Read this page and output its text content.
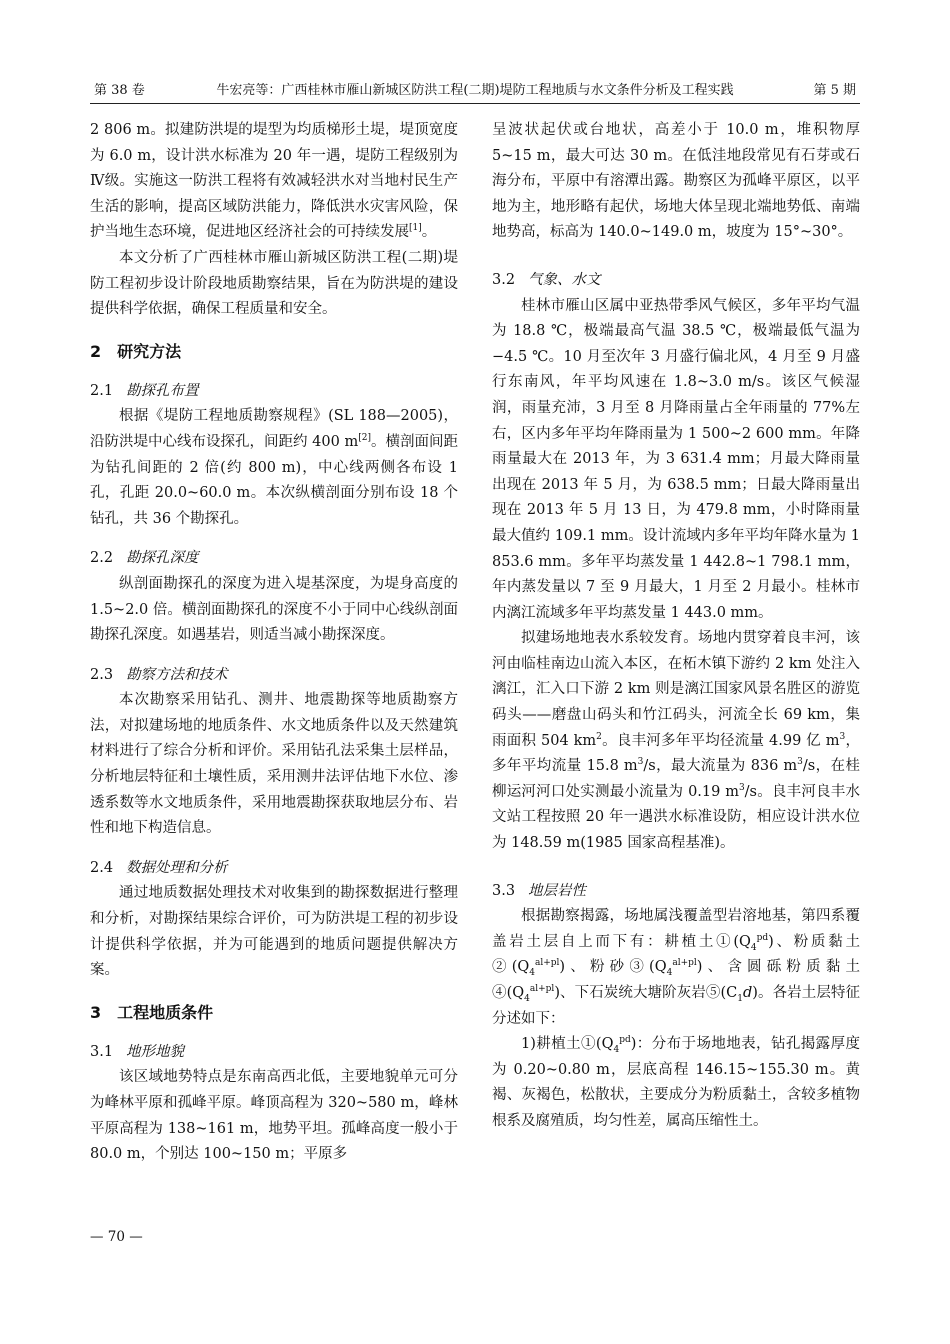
第 38 卷	牛宏亮等：广西桂林市雁山新城区防洪工程(二期)堤防工程地质与水文条件分析及工程实践	第 5 期

2 806 m。拟建防洪堤的堤型为均质梯形土堤，堤顶宽度为 6.0 m，设计洪水标准为 20 年一遇，堤防工程级别为Ⅳ级。实施这一防洪工程将有效减轻洪水对当地村民生产生活的影响，提高区域防洪能力，降低洪水灾害风险，保护当地生态环境，促进地区经济社会的可持续发展[1]。

本文分析了广西桂林市雁山新城区防洪工程(二期)堤防工程初步设计阶段地质勘察结果，旨在为防洪堤的建设提供科学依据，确保工程质量和安全。

2　研究方法
2.1 勘探孔布置

根据《堤防工程地质勘察规程》(SL 188—2005)，沿防洪堤中心线布设探孔，间距约 400 m[2]。横剖面间距为钻孔间距的 2 倍(约 800 m)，中心线两侧各布设 1 孔，孔距 20.0~60.0 m。本次纵横剖面分别布设 18 个钻孔，共 36 个勘探孔。

2.2 勘探孔深度

纵剖面勘探孔的深度为进入堤基深度，为堤身高度的 1.5~2.0 倍。横剖面勘探孔的深度不小于同中心线纵剖面勘探孔深度。如遇基岩，则适当减小勘探深度。

2.3 勘察方法和技术

本次勘察采用钻孔、测井、地震勘探等地质勘察方法，对拟建场地的地质条件、水文地质条件以及天然建筑材料进行了综合分析和评价。采用钻孔法采集土层样品，分析地层特征和土壤性质，采用测井法评估地下水位、渗透系数等水文地质条件，采用地震勘探获取地层分布、岩性和地下构造信息。

2.4 数据处理和分析

通过地质数据处理技术对收集到的勘探数据进行整理和分析，对勘探结果综合评价，可为防洪堤工程的初步设计提供科学依据，并为可能遇到的地质问题提供解决方案。

3　工程地质条件
3.1 地形地貌

该区域地势特点是东南高西北低，主要地貌单元可分为峰林平原和孤峰平原。峰顶高程为 320~580 m，峰林平原高程为 138~161 m，地势平坦。孤峰高度一般小于 80.0 m，个别达 100~150 m；平原多

呈波状起伏或台地状，高差小于 10.0 m，堆积物厚 5~15 m，最大可达 30 m。在低洼地段常见有石芽或石海分布，平原中有溶潭出露。勘察区为孤峰平原区，以平地为主，地形略有起伏，场地大体呈现北端地势低、南端地势高，标高为 140.0~149.0 m，坡度为 15°~30°。

3.2 气象、水文

桂林市雁山区属中亚热带季风气候区，多年平均气温为 18.8 ℃，极端最高气温 38.5 ℃，极端最低气温为−4.5 ℃。10 月至次年 3 月盛行偏北风，4 月至 9 月盛行东南风，年平均风速在 1.8~3.0 m/s。该区气候湿润，雨量充沛，3 月至 8 月降雨量占全年雨量的 77%左右，区内多年平均年降雨量为 1 500~2 600 mm。年降雨量最大在 2013 年，为 3 631.4 mm；月最大降雨量出现在 2013 年 5 月，为 638.5 mm；日最大降雨量出现在 2013 年 5 月 13 日，为 479.8 mm，小时降雨量最大值约 109.1 mm。设计流域内多年平均年降水量为 1 853.6 mm。多年平均蒸发量 1 442.8~1 798.1 mm，年内蒸发量以 7 至 9 月最大，1 月至 2 月最小。桂林市内漓江流域多年平均蒸发量 1 443.0 mm。

拟建场地地表水系较发育。场地内贯穿着良丰河，该河由临桂南边山流入本区，在柘木镇下游约 2 km 处注入漓江，汇入口下游 2 km 则是漓江国家风景名胜区的游览码头——磨盘山码头和竹江码头，河流全长 69 km，集雨面积 504 $km^2$。良丰河多年平均径流量 4.99 亿 $m^3$，多年平均流量 15.8 $m^3/s$，最大流量为 836 $m^3/s$，在桂柳运河河口处实测最小流量为 0.19 $m^3/s$。良丰河良丰水文站工程按照 20 年一遇洪水标准设防，相应设计洪水位为 148.59 m(1985 国家高程基准)。

3.3 地层岩性

根据勘察揭露，场地属浅覆盖型岩溶地基，第四系覆盖岩土层自上而下有：耕植土$①(Q_4^{pd})$、粉质黏土$②(Q_4^{al+pl})$、粉砂$③(Q_4^{al+pl})$、含圆砾粉质黏土$④(Q_4^{al+pl})$、下石炭统大塘阶灰岩$⑤(C_1d)$。各岩土层特征分述如下：

1)耕植土$①(Q_4^{pd})$：分布于场地地表，钻孔揭露厚度为 0.20~0.80 m，层底高程 146.15~155.30 m。黄褐、灰褐色，松散状，主要成分为粉质黏土，含较多植物根系及腐殖质，均匀性差，属高压缩性土。

— 70 —
